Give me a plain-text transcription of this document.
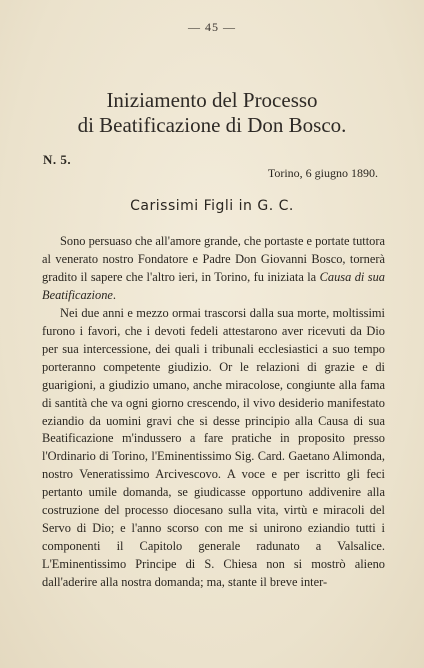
— 45 —
Iniziamento del Processo
di Beatificazione di Don Bosco.
N. 5.
Torino, 6 giugno 1890.
Carissimi Figli in G. C.

Sono persuaso che all'amore grande, che portaste e portate tuttora al venerato nostro Fondatore e Padre Don Giovanni Bosco, tornerà gradito il sapere che l'altro ieri, in Torino, fu iniziata la Causa di sua Beatificazione.

Nei due anni e mezzo ormai trascorsi dalla sua morte, moltissimi furono i favori, che i devoti fedeli attestarono aver ricevuti da Dio per sua intercessione, dei quali i tribunali ecclesiastici a suo tempo porteranno competente giudizio. Or le relazioni di grazie e di guarigioni, a giudizio umano, anche miracolose, congiunte alla fama di santità che va ogni giorno crescendo, il vivo desiderio manifestato eziandio da uomini gravi che si desse principio alla Causa di sua Beatificazione m'indussero a fare pratiche in proposito presso l'Ordinario di Torino, l'Eminentissimo Sig. Card. Gaetano Alimonda, nostro Veneratissimo Arcivescovo. A voce e per iscritto gli feci pertanto umile domanda, se giudicasse opportuno addivenire alla costruzione del processo diocesano sulla vita, virtù e miracoli del Servo di Dio; e l'anno scorso con me si unirono eziandio tutti i componenti il Capitolo generale radunato a Valsalice. L'Eminentissimo Principe di S. Chiesa non si mostrò alieno dall'aderire alla nostra domanda; ma, stante il breve inter-
